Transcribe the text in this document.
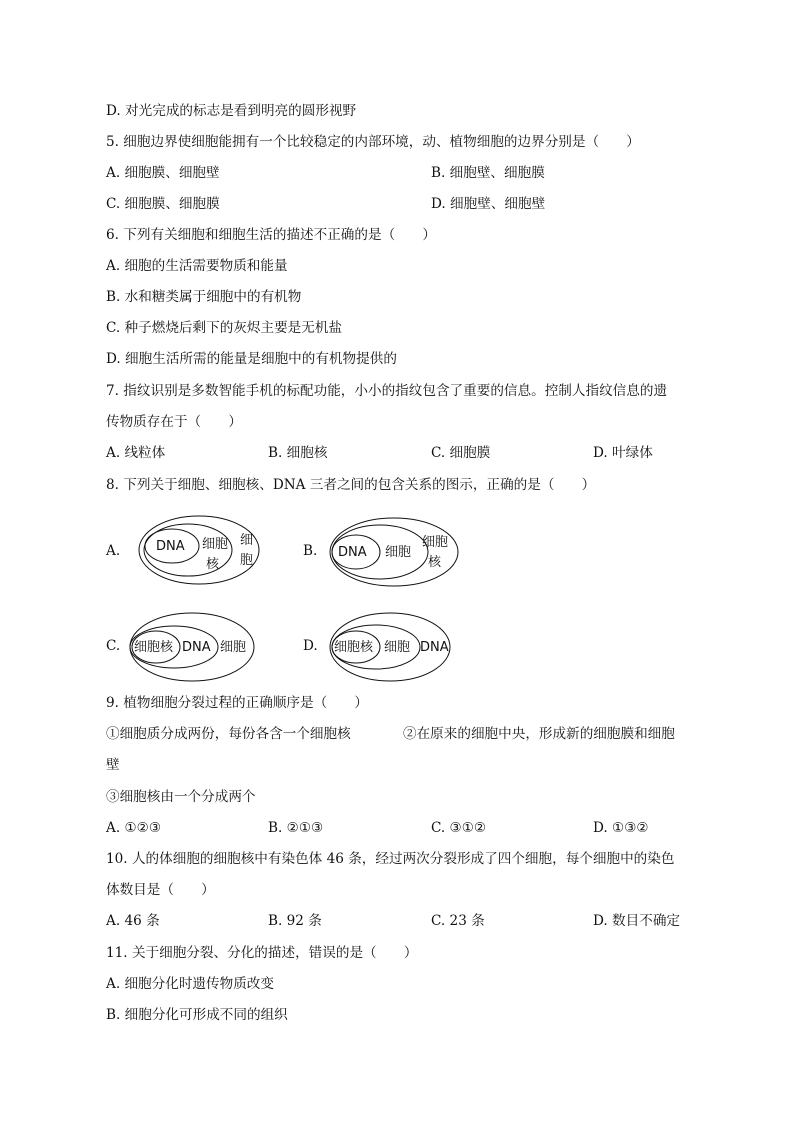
D. 对光完成的标志是看到明亮的圆形视野
5. 细胞边界使细胞能拥有一个比较稳定的内部环境，动、植物细胞的边界分别是（　　）
A. 细胞膜、细胞壁	B. 细胞壁、细胞膜
C. 细胞膜、细胞膜	D. 细胞壁、细胞壁
6. 下列有关细胞和细胞生活的描述不正确的是（　　）
A. 细胞的生活需要物质和能量
B. 水和糖类属于细胞中的有机物
C. 种子燃烧后剩下的灰烬主要是无机盐
D. 细胞生活所需的能量是细胞中的有机物提供的
7. 指纹识别是多数智能手机的标配功能，小小的指纹包含了重要的信息。控制人指纹信息的遗
传物质存在于（　　）
A. 线粒体	B. 细胞核	C. 细胞膜	D. 叶绿体
8. 下列关于细胞、细胞核、DNA 三者之间的包含关系的图示，正确的是（　　）
A.	DNA 细胞
核
细
胞
B. DNA 细胞
细胞
核
C. 细胞核 DNA 细胞	D. 细胞核 细胞 DNA
9. 植物细胞分裂过程的正确顺序是（　　）
①细胞质分成两份，每份各含一个细胞核	②在原来的细胞中央，形成新的细胞膜和细胞
壁
③细胞核由一个分成两个
A. ①②③	B. ②①③	C. ③①②	D. ①③②
10. 人的体细胞的细胞核中有染色体 46 条，经过两次分裂形成了四个细胞，每个细胞中的染色
体数目是（　　）
A. 46 条	B. 92 条	C. 23 条	D. 数目不确定
11. 关于细胞分裂、分化的描述，错误的是（　　）
A. 细胞分化时遗传物质改变
B. 细胞分化可形成不同的组织
